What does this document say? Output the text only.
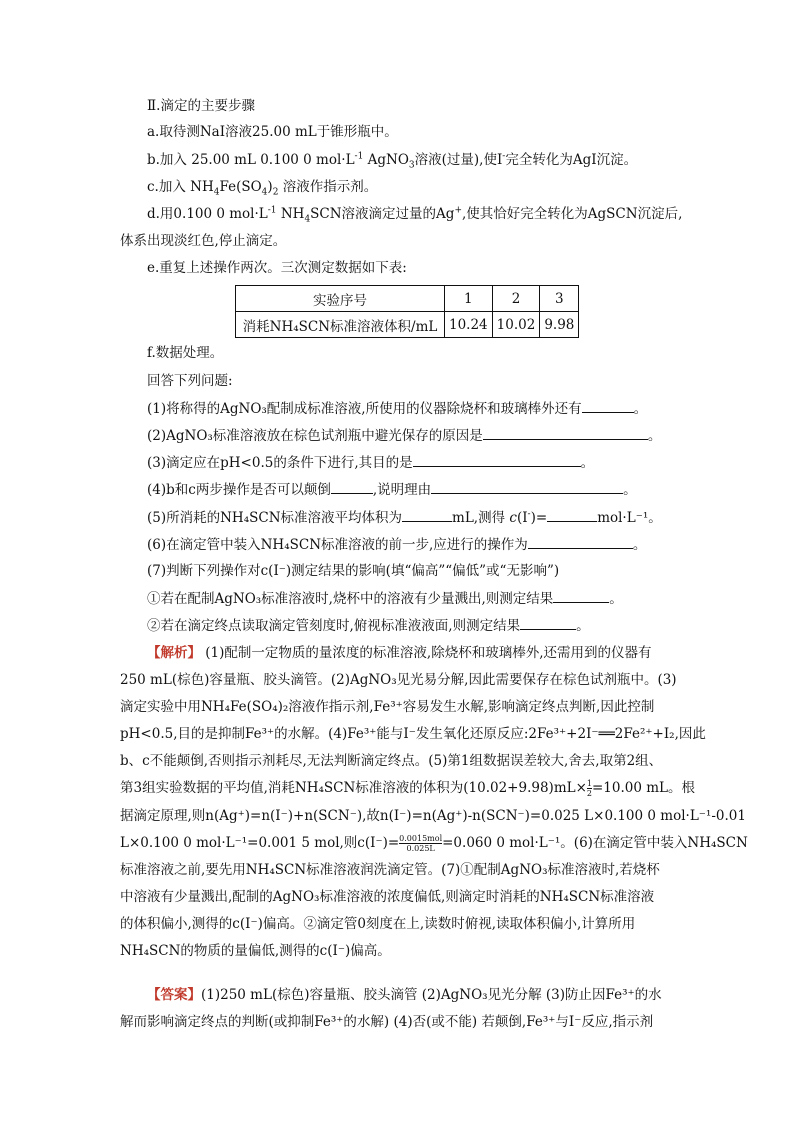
Ⅱ.滴定的主要步骤
a.取待测NaI溶液25.00 mL于锥形瓶中。
b.加入 25.00 mL 0.100 0 $mol\cdot L^{-1}$ AgNO$_3$溶液(过量),使I-完全转化为AgI沉淀。
c.加入 $NH_4Fe(SO_4)_2$ 溶液作指示剂。
d.用0.100 0 $mol\cdot L^{-1}$ $NH_4SCN$溶液滴定过量的Ag+,使其恰好完全转化为AgSCN沉淀后,
体系出现淡红色,停止滴定。
e.重复上述操作两次。三次测定数据如下表:
实验序号	1	2	3
消耗NH₄SCN标准溶液体积/mL	10.24	10.02	9.98
f.数据处理。
回答下列问题:
(1)将称得的AgNO₃配制成标准溶液,所使用的仪器除烧杯和玻璃棒外还有	。
(2)AgNO₃标准溶液放在棕色试剂瓶中避光保存的原因是	。
(3)滴定应在pH<0.5的条件下进行,其目的是	。
(4)b和c两步操作是否可以颠倒	,说明理由	。
(5)所消耗的NH₄SCN标准溶液平均体积为	mL,测得 c(I-)=	mol·L⁻¹。
(6)在滴定管中装入NH₄SCN标准溶液的前一步,应进行的操作为	。
(7)判断下列操作对c(I⁻)测定结果的影响(填“偏高”“偏低”或“无影响”)
①若在配制AgNO₃标准溶液时,烧杯中的溶液有少量溅出,则测定结果	。
②若在滴定终点读取滴定管刻度时,俯视标准液液面,则测定结果	。
【解析】 (1)配制一定物质的量浓度的标准溶液,除烧杯和玻璃棒外,还需用到的仪器有
250 mL(棕色)容量瓶、胶头滴管。(2)AgNO₃见光易分解,因此需要保存在棕色试剂瓶中。(3)
滴定实验中用NH₄Fe(SO₄)₂溶液作指示剂,Fe³⁺容易发生水解,影响滴定终点判断,因此控制
pH<0.5,目的是抑制Fe³⁺的水解。(4)Fe³⁺能与I⁻发生氧化还原反应:2Fe³⁺+2I⁻══2Fe²⁺+I₂,因此
b、c不能颠倒,否则指示剂耗尽,无法判断滴定终点。(5)第1组数据误差较大,舍去,取第2组、
第3组实验数据的平均值,消耗NH₄SCN标准溶液的体积为$(10.02+9.98)mL\times \frac{1}{2} =10.00$ mL。根
据滴定原理,则n(Ag⁺)=n(I⁻)+n(SCN⁻),故n(I⁻)=n(Ag⁺)-n(SCN⁻)=0.025 L×0.100 0 mol·L⁻¹-0.01
L×0.100 0 mol·L⁻¹=0.001 5 mol,则$c(I^-)= \frac{\text{0.0015mol}}{0.025L} =0.060$ 0 mol·L⁻¹。(6)在滴定管中装入NH₄SCN
标准溶液之前,要先用NH₄SCN标准溶液润洗滴定管。(7)①配制AgNO₃标准溶液时,若烧杯
中溶液有少量溅出,配制的AgNO₃标准溶液的浓度偏低,则滴定时消耗的NH₄SCN标准溶液
的体积偏小,测得的c(I⁻)偏高。②滴定管0刻度在上,读数时俯视,读取体积偏小,计算所用
NH₄SCN的物质的量偏低,测得的c(I⁻)偏高。
【答案】(1)250 mL(棕色)容量瓶、胶头滴管 (2)AgNO₃见光分解 (3)防止因Fe³⁺的水
解而影响滴定终点的判断(或抑制Fe³⁺的水解) (4)否(或不能) 若颠倒,Fe³⁺与I⁻反应,指示剂
